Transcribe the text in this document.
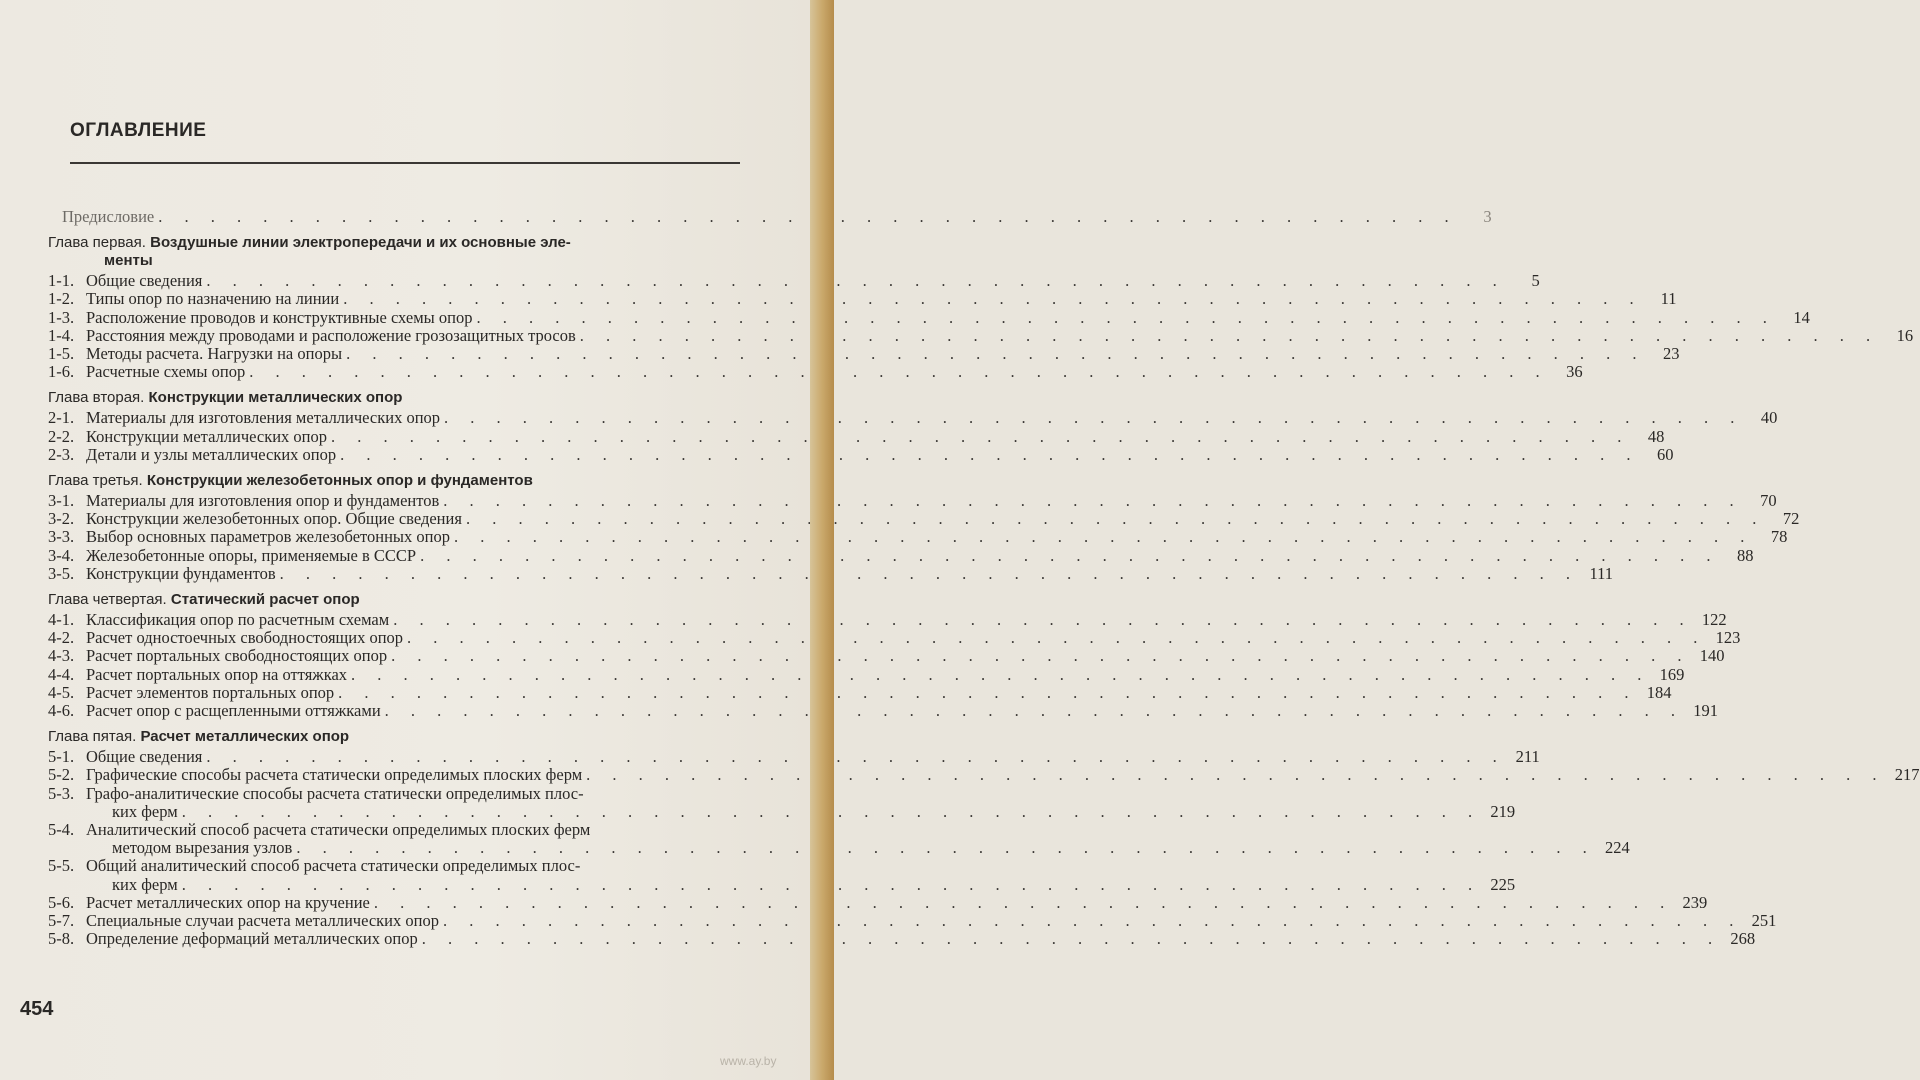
ОГЛАВЛЕНИЕ
Предисловие . . .	3
Глава первая. Воздушные линии электропередачи и их основные эле-
менты
1-1. Общие сведения . . .	5
1-2. Типы опор по назначению на линии . . .	11
1-3. Расположение проводов и конструктивные схемы опор . . .	14
1-4. Расстояния между проводами и расположение грозозащитных тросов . . .	16
1-5. Методы расчета. Нагрузки на опоры . . .	23
1-6. Расчетные схемы опор . . .	36
Глава вторая. Конструкции металлических опор
2-1. Материалы для изготовления металлических опор . . .	40
2-2. Конструкции металлических опор . . .	48
2-3. Детали и узлы металлических опор . . .	60
Глава третья. Конструкции железобетонных опор и фундаментов
3-1. Материалы для изготовления опор и фундаментов . . .	70
3-2. Конструкции железобетонных опор. Общие сведения . . .	72
3-3. Выбор основных параметров железобетонных опор . . .	78
3-4. Железобетонные опоры, применяемые в СССР . . .	88
3-5. Конструкции фундаментов . . .	111
Глава четвертая. Статический расчет опор
4-1. Классификация опор по расчетным схемам . . .	122
4-2. Расчет одностоечных свободностоящих опор . . .	123
4-3. Расчет портальных свободностоящих опор . . .	140
4-4. Расчет портальных опор на оттяжках . . .	169
4-5. Расчет элементов портальных опор . . .	184
4-6. Расчет опор с расщепленными оттяжками . . .	191
Глава пятая. Расчет металлических опор
5-1. Общие сведения . . .	211
5-2. Графические способы расчета статически определимых плоских ферм . . .	217
5-3. Графо-аналитические способы расчета статически определимых плос-
ких ферм . . .	219
5-4. Аналитический способ расчета статически определимых плоских ферм
методом вырезания узлов . . .	224
5-5. Общий аналитический способ расчета статически определимых плос-
ких ферм . . .	225
5-6. Расчет металлических опор на кручение . . .	239
5-7. Специальные случаи расчета металлических опор . . .	251
5-8. Определение деформаций металлических опор . . .	268
454
www.ay.by
